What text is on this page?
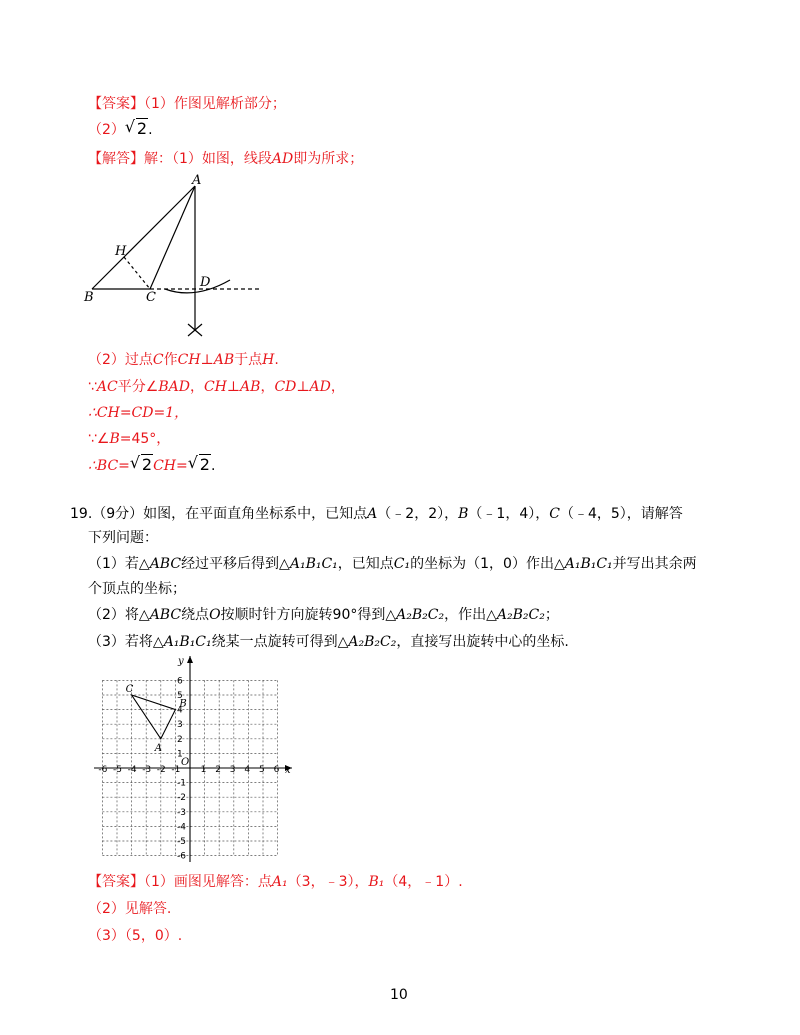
【答案】（1）作图见解析部分；
（2） √ 2.
【解答】解：（1）如图，线段AD即为所求；
A
B	C
D
H
（2）过点C作CH⊥AB于点H.
∵AC平分∠BAD，CH⊥AB，CD⊥AD，
∴CH=CD=1，
∵∠B=45°，
∴BC= √ 2CH= √ 2.
19.（9分）如图，在平面直角坐标系中，已知点A（﹣2，2），B（﹣1，4），C（﹣4，5），请解答
下列问题：
（1）若△ABC经过平移后得到△A₁B₁C₁，已知点C₁的坐标为（1，0）作出△A₁B₁C₁并写出其余两
个顶点的坐标；
（2）将△ABC绕点O按顺时针方向旋转90°得到△A₂B₂C₂，作出△A₂B₂C₂；
（3）若将△A₁B₁C₁绕某一点旋转可得到△A₂B₂C₂，直接写出旋转中心的坐标.
x
y
O
-6 -5 -4 -3 -2 -1 1 2 3 4 5 6
6
5
4
3
2
1
-1
-2
-3
-4
-5
-6
A
B
C
【答案】（1）画图见解答：点A₁（3，﹣3），B₁（4，﹣1）.
（2）见解答.
（3）（5，0）.
10
